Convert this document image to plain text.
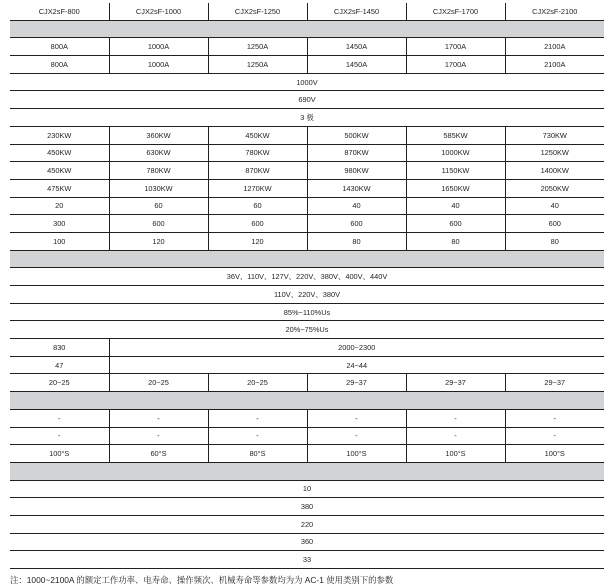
CJX2sF-800	CJX2sF-1000	CJX2sF-1250	CJX2sF-1450	CJX2sF-1700	CJX2sF-2100

800A	1000A	1250A	1450A	1700A	2100A
800A	1000A	1250A	1450A	1700A	2100A
1000V					
690V					
3 极					
230KW	360KW	450KW	500KW	585KW	730KW
450KW	630KW	780KW	870KW	1000KW	1250KW
450KW	780KW	870KW	980KW	1150KW	1400KW
475KW	1030KW	1270KW	1430KW	1650KW	2050KW
20	60	60	40	40	40
300	600	600	600	600	600
100	120	120	80	80	80

36V、110V、127V、220V、380V、400V、440V					
110V、220V、380V					
85%~110%Us					
20%~75%Us					
830	2000~2300				
47	24~44				
20~25	20~25	20~25	29~37	29~37	29~37

-	-	-	-	-	-
-	-	-	-	-	-
100°S	60°S	80°S	100°S	100°S	100°S

10					
380					
220					
360					
33					
注：1000~2100A 的额定工作功率、电寿命、操作频次、机械寿命等参数均为为 AC-1 使用类别下的参数
